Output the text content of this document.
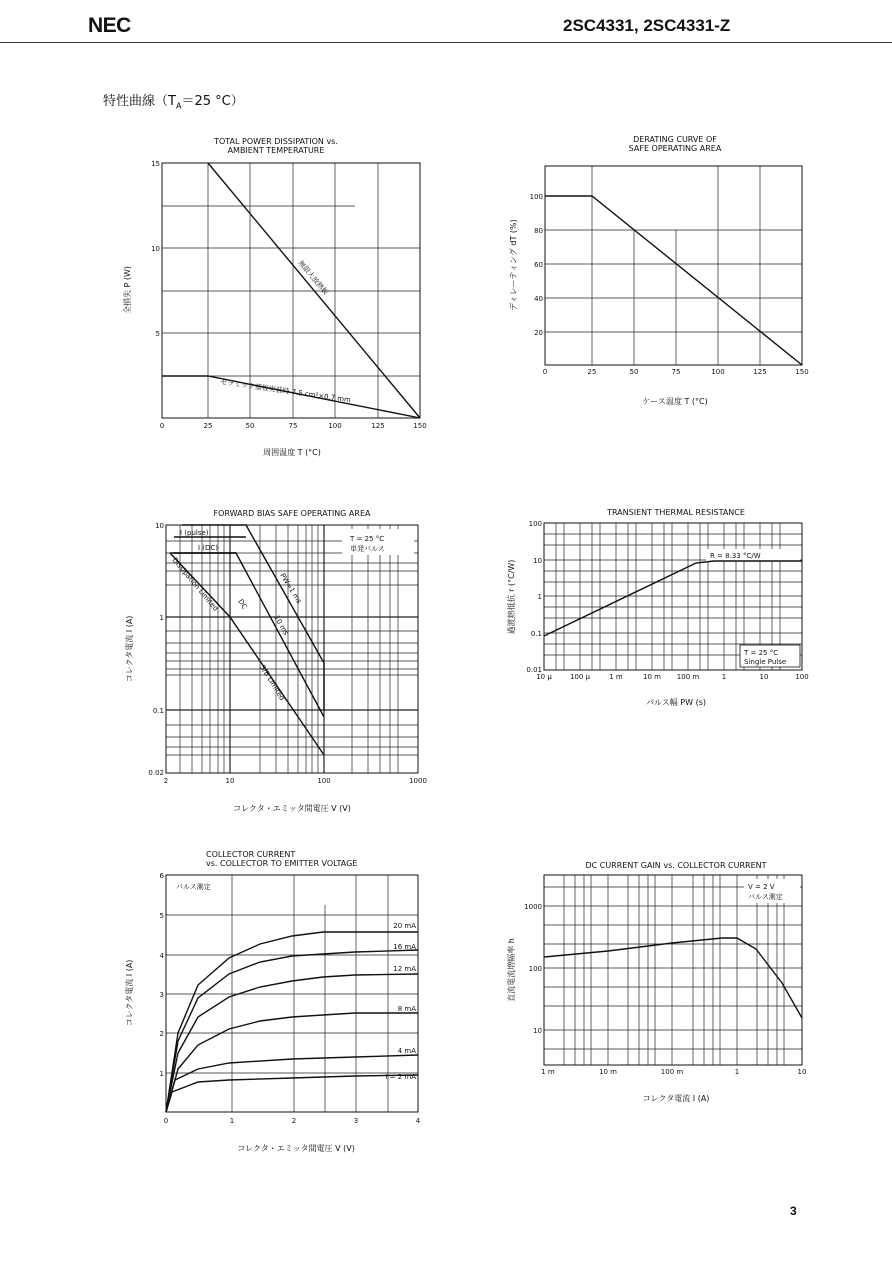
NEC	2SC4331, 2SC4331-Z
特性曲線（$T_A=25$ °C）
TOTAL POWER DISSIPATION vs.
AMBIENT TEMPERATURE
無限大放熱板
セラミック基板実装時 7.5 cm²×0.7 mm
0	25	50	75	100	125	150
15
10
5
周囲温度 T (°C)
全損失 P (W)
DERATING CURVE OF
SAFE OPERATING AREA
0	25	50	75	100	125	150
100
80
60
40
20
ケース温度 T (°C)
ディレーティング dT (%)
FORWARD BIAS SAFE OPERATING AREA
I (pulse)
I (DC)
T = 25 °C
単発パルス
PW=1 ms
10 ms
DC
Dissipation Limited
S/B Limited
2	10	100	1000
10
1
0.1
0.02
コレクタ・エミッタ間電圧 V (V)
コレクタ電流 I (A)
TRANSIENT THERMAL RESISTANCE
R = 8.33 °C/W
T = 25 °C
Single Pulse
10 μ	100 μ	1 m	10 m 100 m	1	10	100
100
10
1
0.1
0.01
パルス幅 PW (s)
過渡熱抵抗 r (°C/W)
COLLECTOR CURRENT
vs. COLLECTOR TO EMITTER VOLTAGE
20 mA
16 mA
12 mA
8 mA
4 mA
I = 2 mA
パルス測定
0	1	2	3	4
6
5
4
3
2
1
コレクタ・エミッタ間電圧 V (V)
コレクタ電流 I (A)
DC CURRENT GAIN vs. COLLECTOR CURRENT
V = 2 V
パルス測定
1 m	10 m	100 m	1	10
1000
100
10
コレクタ電流 I (A)
直流電流増幅率 h
3
